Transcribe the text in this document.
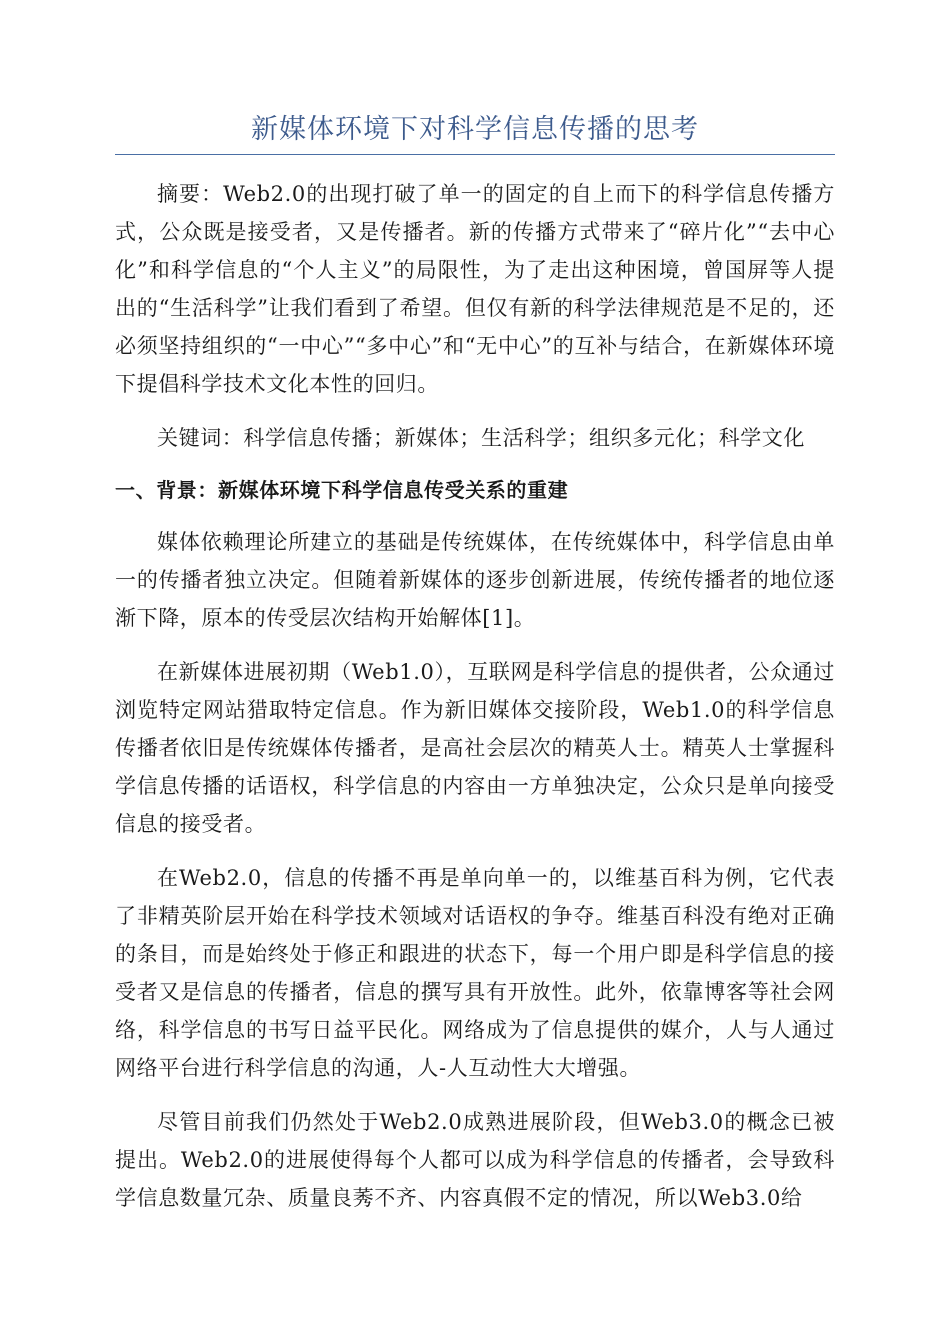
新媒体环境下对科学信息传播的思考

摘要：Web2.0的出现打破了单一的固定的自上而下的科学信息传播方式，公众既是接受者，又是传播者。新的传播方式带来了“碎片化”“去中心化”和科学信息的“个人主义”的局限性，为了走出这种困境，曾国屏等人提出的“生活科学”让我们看到了希望。但仅有新的科学法律规范是不足的，还必须坚持组织的“一中心”“多中心”和“无中心”的互补与结合，在新媒体环境下提倡科学技术文化本性的回归。

关键词：科学信息传播；新媒体；生活科学；组织多元化；科学文化

一、背景：新媒体环境下科学信息传受关系的重建

媒体依赖理论所建立的基础是传统媒体，在传统媒体中，科学信息由单一的传播者独立决定。但随着新媒体的逐步创新进展，传统传播者的地位逐渐下降，原本的传受层次结构开始解体[1]。

在新媒体进展初期（Web1.0），互联网是科学信息的提供者，公众通过浏览特定网站猎取特定信息。作为新旧媒体交接阶段，Web1.0的科学信息传播者依旧是传统媒体传播者，是高社会层次的精英人士。精英人士掌握科学信息传播的话语权，科学信息的内容由一方单独决定，公众只是单向接受信息的接受者。

在Web2.0，信息的传播不再是单向单一的，以维基百科为例，它代表了非精英阶层开始在科学技术领域对话语权的争夺。维基百科没有绝对正确的条目，而是始终处于修正和跟进的状态下，每一个用户即是科学信息的接受者又是信息的传播者，信息的撰写具有开放性。此外，依靠博客等社会网络，科学信息的书写日益平民化。网络成为了信息提供的媒介，人与人通过网络平台进行科学信息的沟通，人-人互动性大大增强。

尽管目前我们仍然处于Web2.0成熟进展阶段，但Web3.0的概念已被提出。Web2.0的进展使得每个人都可以成为科学信息的传播者，会导致科学信息数量冗杂、质量良莠不齐、内容真假不定的情况，所以Web3.0给
